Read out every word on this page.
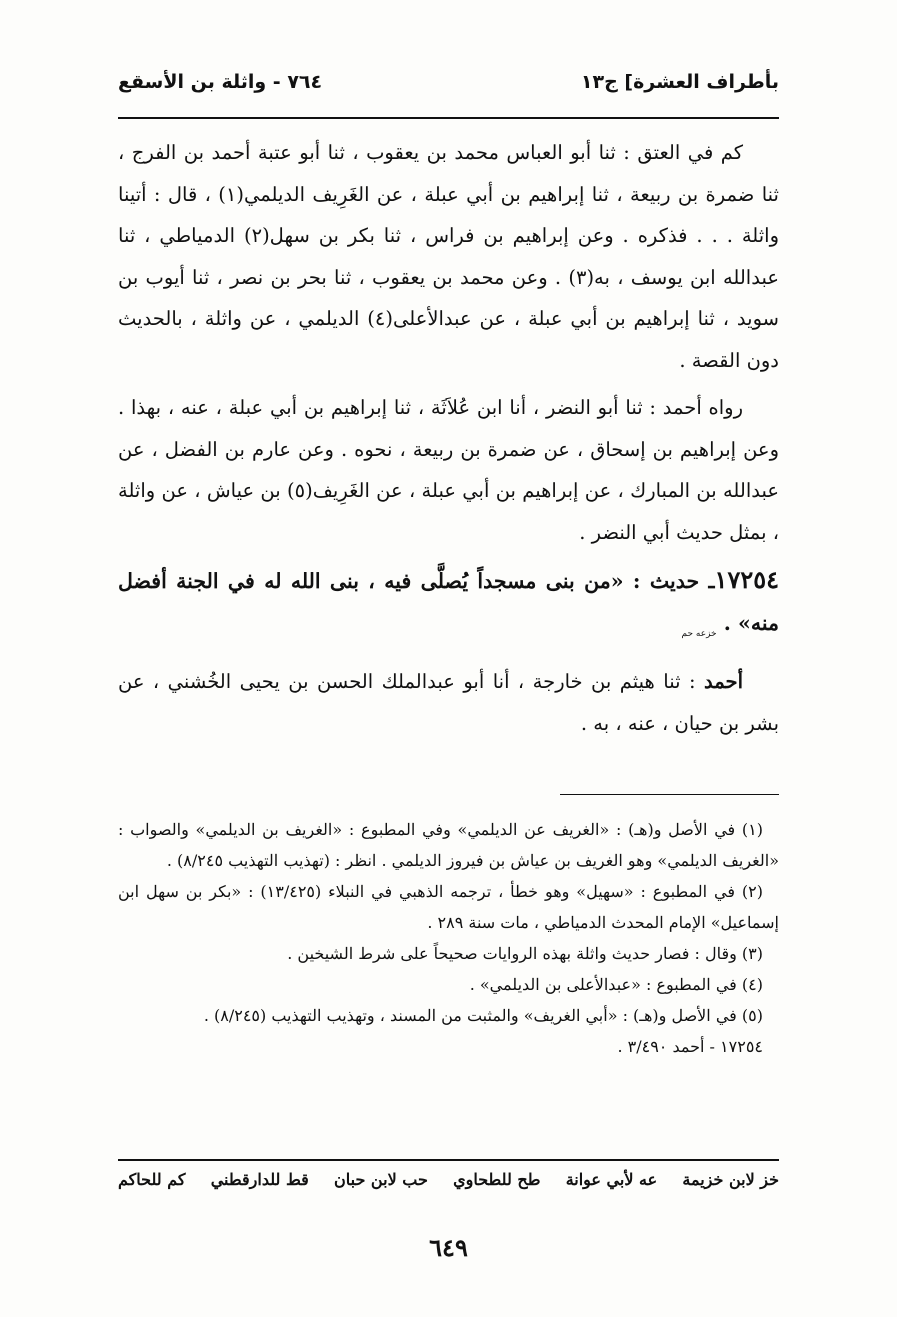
بأطراف العشرة] ج١٣
٧٦٤ - واثلة بن الأسقع

كم في العتق : ثنا أبو العباس محمد بن يعقوب ، ثنا أبو عتبة أحمد بن الفرج ، ثنا ضمرة بن ربيعة ، ثنا إبراهيم بن أبي عبلة ، عن الغَرِيف الديلمي(١) ، قال : أتينا واثلة . . . فذكره . وعن إبراهيم بن فراس ، ثنا بكر بن سهل(٢) الدمياطي ، ثنا عبدالله ابن يوسف ، به(٣) . وعن محمد بن يعقوب ، ثنا بحر بن نصر ، ثنا أيوب بن سويد ، ثنا إبراهيم بن أبي عبلة ، عن عبدالأعلى(٤) الديلمي ، عن واثلة ، بالحديث دون القصة .

رواه أحمد : ثنا أبو النضر ، أنا ابن عُلاَثَة ، ثنا إبراهيم بن أبي عبلة ، عنه ، بهذا . وعن إبراهيم بن إسحاق ، عن ضمرة بن ربيعة ، نحوه . وعن عارم بن الفضل ، عن عبدالله بن المبارك ، عن إبراهيم بن أبي عبلة ، عن الغَرِيف(٥) بن عياش ، عن واثلة ، بمثل حديث أبي النضر .

١٧٢٥٤ـ حديث : «من بنى مسجداً يُصلَّى فيه ، بنى الله له في الجنة أفضل منه» . $_{خزعه حم}$

أحمد : ثنا هيثم بن خارجة ، أنا أبو عبدالملك الحسن بن يحيى الخُشني ، عن بشر بن حيان ، عنه ، به .

(١) في الأصل و(هـ) : «الغريف عن الديلمي» وفي المطبوع : «الغريف بن الديلمي» والصواب : «الغريف الديلمي» وهو الغريف بن عياش بن فيروز الديلمي . انظر : (تهذيب التهذيب ٨/٢٤٥) .

(٢) في المطبوع : «سهيل» وهو خطأ ، ترجمه الذهبي في النبلاء (١٣/٤٢٥) : «بكر بن سهل ابن إسماعيل» الإمام المحدث الدمياطي ، مات سنة ٢٨٩ .

(٣) وقال : فصار حديث واثلة بهذه الروايات صحيحاً على شرط الشيخين .

(٤) في المطبوع : «عبدالأعلى بن الديلمي» .

(٥) في الأصل و(هـ) : «أبي الغريف» والمثبت من المسند ، وتهذيب التهذيب (٨/٢٤٥) .

١٧٢٥٤ - أحمد ٣/٤٩٠ .

خز لابن خزيمة
عه لأبي عوانة
طح للطحاوي
حب لابن حبان
قط للدارقطني
كم للحاكم
٦٤٩
